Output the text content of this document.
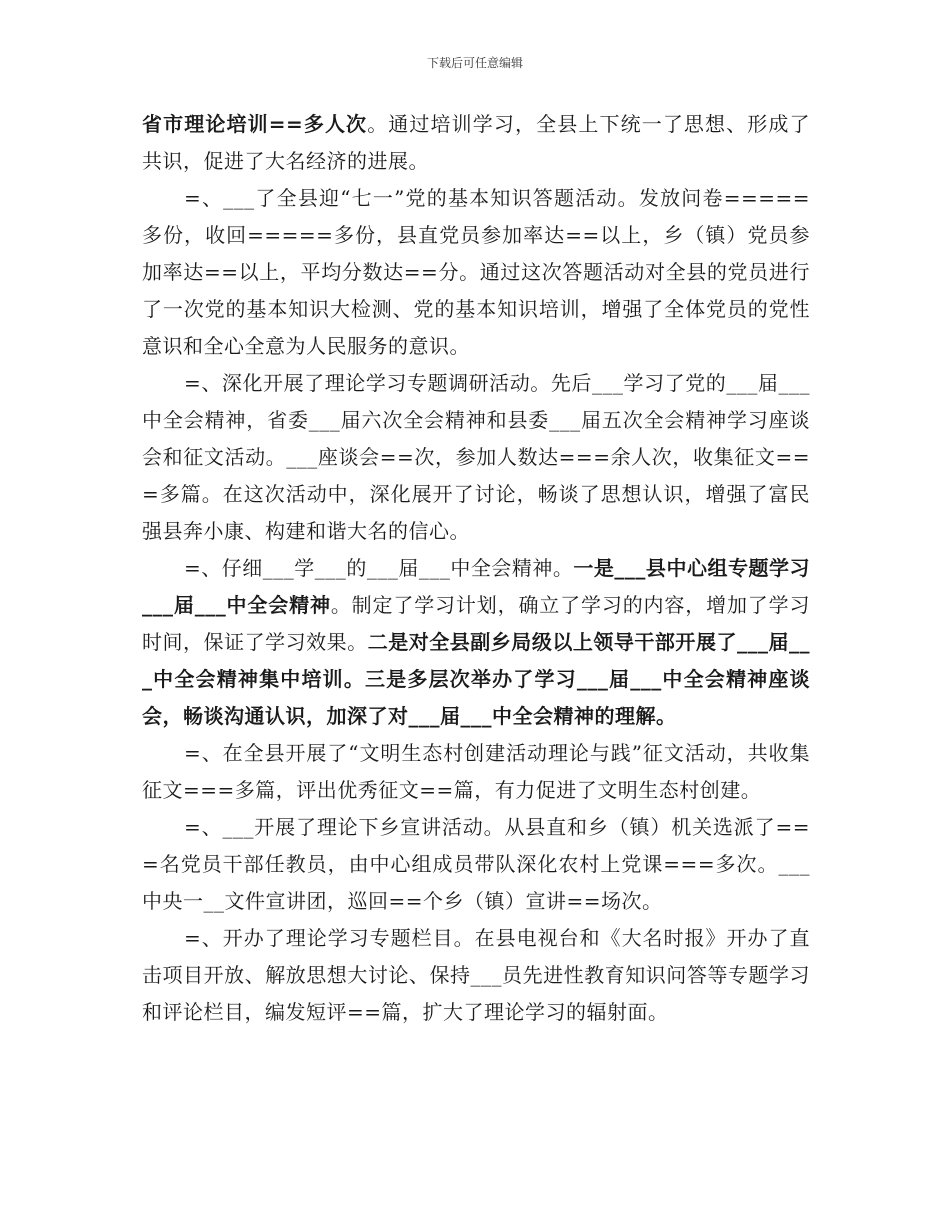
下载后可任意编辑

省市理论培训==多人次。通过培训学习，全县上下统一了思想、形成了共识，促进了大名经济的进展。

=、___了全县迎“七一”党的基本知识答题活动。发放问卷=====多份，收回=====多份，县直党员参加率达==以上，乡（镇）党员参加率达==以上，平均分数达==分。通过这次答题活动对全县的党员进行了一次党的基本知识大检测、党的基本知识培训，增强了全体党员的党性意识和全心全意为人民服务的意识。

=、深化开展了理论学习专题调研活动。先后___学习了党的___届___中全会精神，省委___届六次全会精神和县委___届五次全会精神学习座谈会和征文活动。___座谈会==次，参加人数达===余人次，收集征文===多篇。在这次活动中，深化展开了讨论，畅谈了思想认识，增强了富民强县奔小康、构建和谐大名的信心。

=、仔细___学___的___届___中全会精神。一是___县中心组专题学习___届___中全会精神。制定了学习计划，确立了学习的内容，增加了学习时间，保证了学习效果。二是对全县副乡局级以上领导干部开展了___届___中全会精神集中培训。三是多层次举办了学习___届___中全会精神座谈会，畅谈沟通认识，加深了对___届___中全会精神的理解。

=、在全县开展了“文明生态村创建活动理论与践”征文活动，共收集征文===多篇，评出优秀征文==篇，有力促进了文明生态村创建。

=、___开展了理论下乡宣讲活动。从县直和乡（镇）机关选派了===名党员干部任教员，由中心组成员带队深化农村上党课===多次。___中央一__文件宣讲团，巡回==个乡（镇）宣讲==场次。

=、开办了理论学习专题栏目。在县电视台和《大名时报》开办了直击项目开放、解放思想大讨论、保持___员先进性教育知识问答等专题学习和评论栏目，编发短评==篇，扩大了理论学习的辐射面。
